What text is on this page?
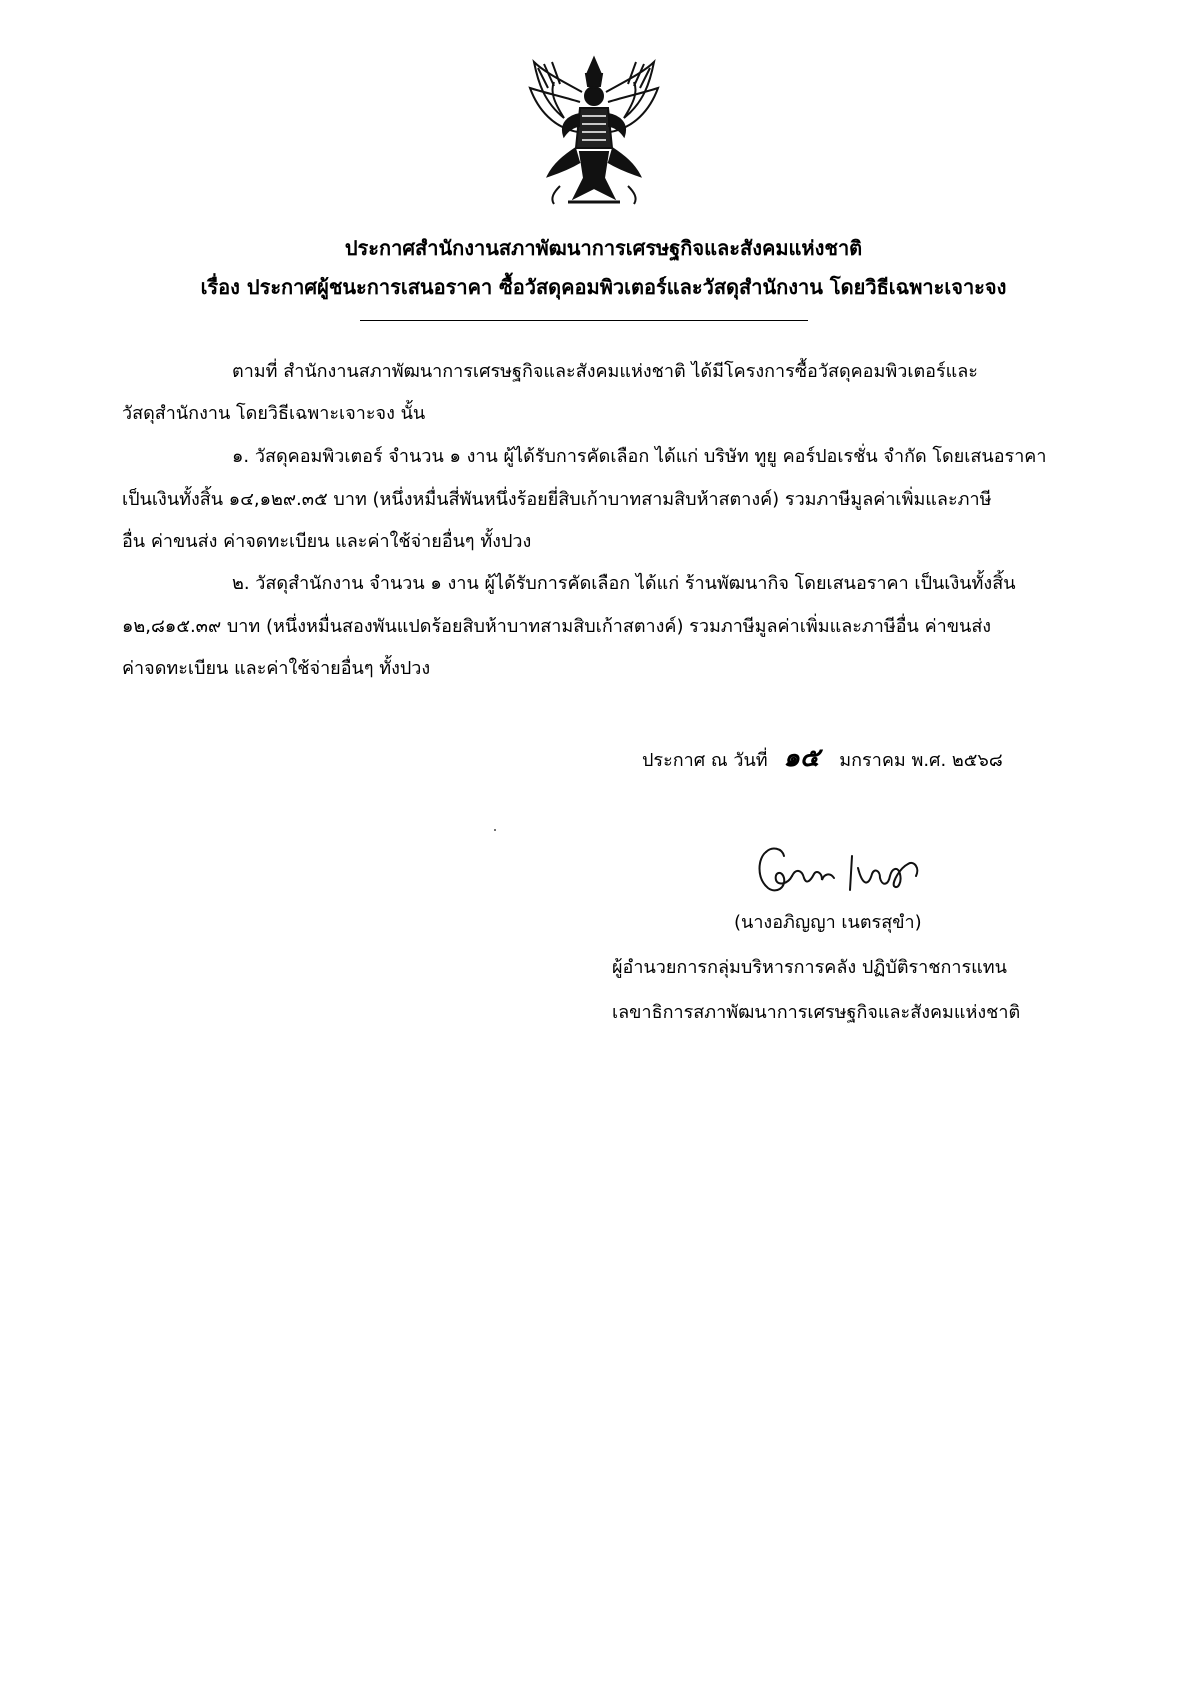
ประกาศสำนักงานสภาพัฒนาการเศรษฐกิจและสังคมแห่งชาติ
เรื่อง ประกาศผู้ชนะการเสนอราคา ซื้อวัสดุคอมพิวเตอร์และวัสดุสำนักงาน โดยวิธีเฉพาะเจาะจง
ตามที่ สำนักงานสภาพัฒนาการเศรษฐกิจและสังคมแห่งชาติ ได้มีโครงการซื้อวัสดุคอมพิวเตอร์และ
วัสดุสำนักงาน โดยวิธีเฉพาะเจาะจง นั้น
๑. วัสดุคอมพิวเตอร์ จำนวน ๑ งาน ผู้ได้รับการคัดเลือก ได้แก่ บริษัท ทูยู คอร์ปอเรชั่น จำกัด โดยเสนอราคา
เป็นเงินทั้งสิ้น ๑๔,๑๒๙.๓๕ บาท (หนึ่งหมื่นสี่พันหนึ่งร้อยยี่สิบเก้าบาทสามสิบห้าสตางค์) รวมภาษีมูลค่าเพิ่มและภาษี
อื่น ค่าขนส่ง ค่าจดทะเบียน และค่าใช้จ่ายอื่นๆ ทั้งปวง
๒. วัสดุสำนักงาน จำนวน ๑ งาน ผู้ได้รับการคัดเลือก ได้แก่ ร้านพัฒนากิจ โดยเสนอราคา เป็นเงินทั้งสิ้น
๑๒,๘๑๕.๓๙ บาท (หนึ่งหมื่นสองพันแปดร้อยสิบห้าบาทสามสิบเก้าสตางค์) รวมภาษีมูลค่าเพิ่มและภาษีอื่น ค่าขนส่ง
ค่าจดทะเบียน และค่าใช้จ่ายอื่นๆ ทั้งปวง
ประกาศ ณ วันที่ ๑๕ มกราคม พ.ศ. ๒๕๖๘
(นางอภิญญา เนตรสุขำ)
ผู้อำนวยการกลุ่มบริหารการคลัง ปฏิบัติราชการแทน
เลขาธิการสภาพัฒนาการเศรษฐกิจและสังคมแห่งชาติ
